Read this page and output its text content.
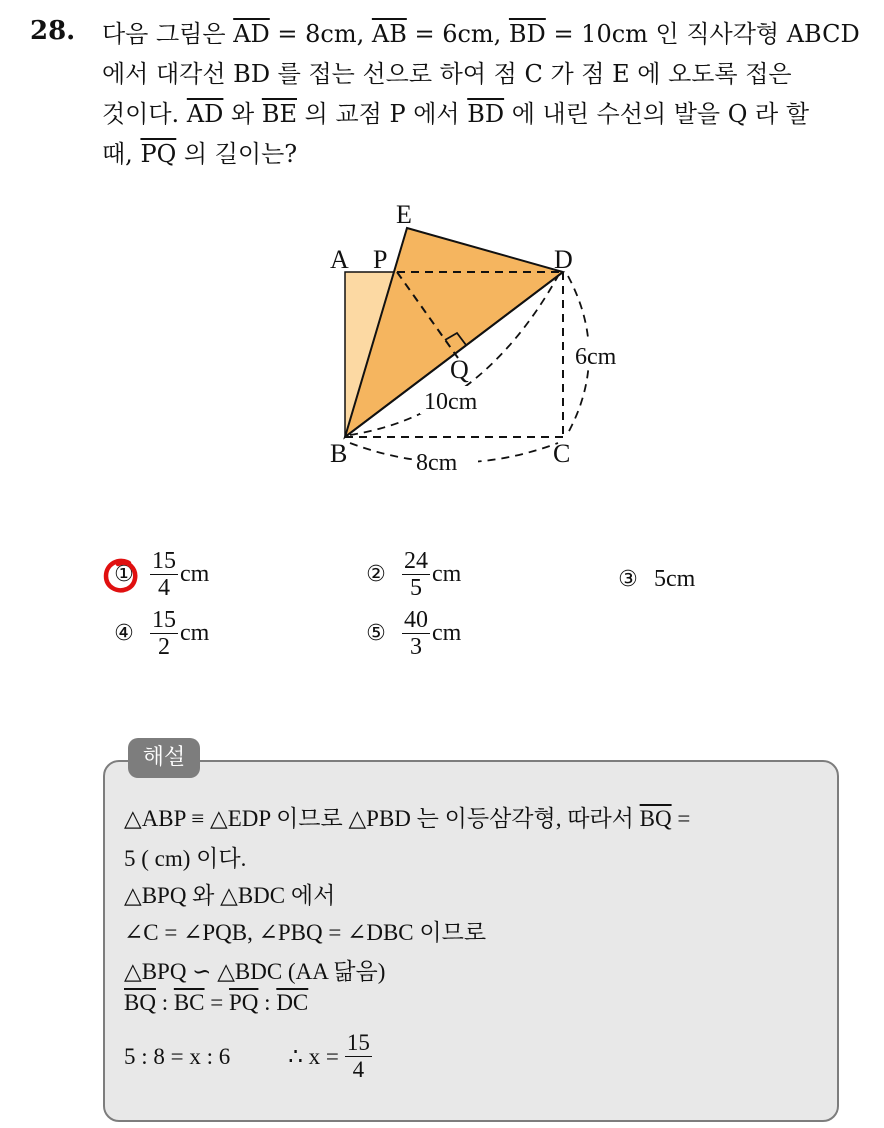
28. 다음 그림은 $\overline{AD} = 8cm$, $\overline{AB} = 6cm$, $\overline{BD} = 10cm$ 인 직사각형 ABCD
에서 대각선 BD 를 접는 선으로 하여 점 C 가 점 E 에 오도록 접은
것이다. $\overline{AD}$ 와 $\overline{BE}$ 의 교점 P 에서 $\overline{BD}$ 에 내린 수선의 발을 Q 라 할
때, $\overline{PQ}$ 의 길이는?
A P
E
D
Q
B	C
10cm
8cm
6cm
① $\frac{15}{4}$ cm	② $\frac{24}{5}$ cm	③ 5cm
④ $\frac{15}{2}$ cm	⑤ $\frac{40}{3}$ cm
해설
△ABP ≡ △EDP 이므로 △PBD 는 이등삼각형, 따라서 $\overline{BQ}$ =
5 ( cm) 이다.
△BPQ 와 △BDC 에서
∠C = ∠PQB, ∠PBQ = ∠DBC 이므로
△BPQ ∽ △BDC (AA 닮음)
$\overline{BQ}$ : $\overline{BC} = \overline{PQ}$ : $\overline{DC}$
5 : 8 = x : 6	∴ $x = \frac{15}{4}$
